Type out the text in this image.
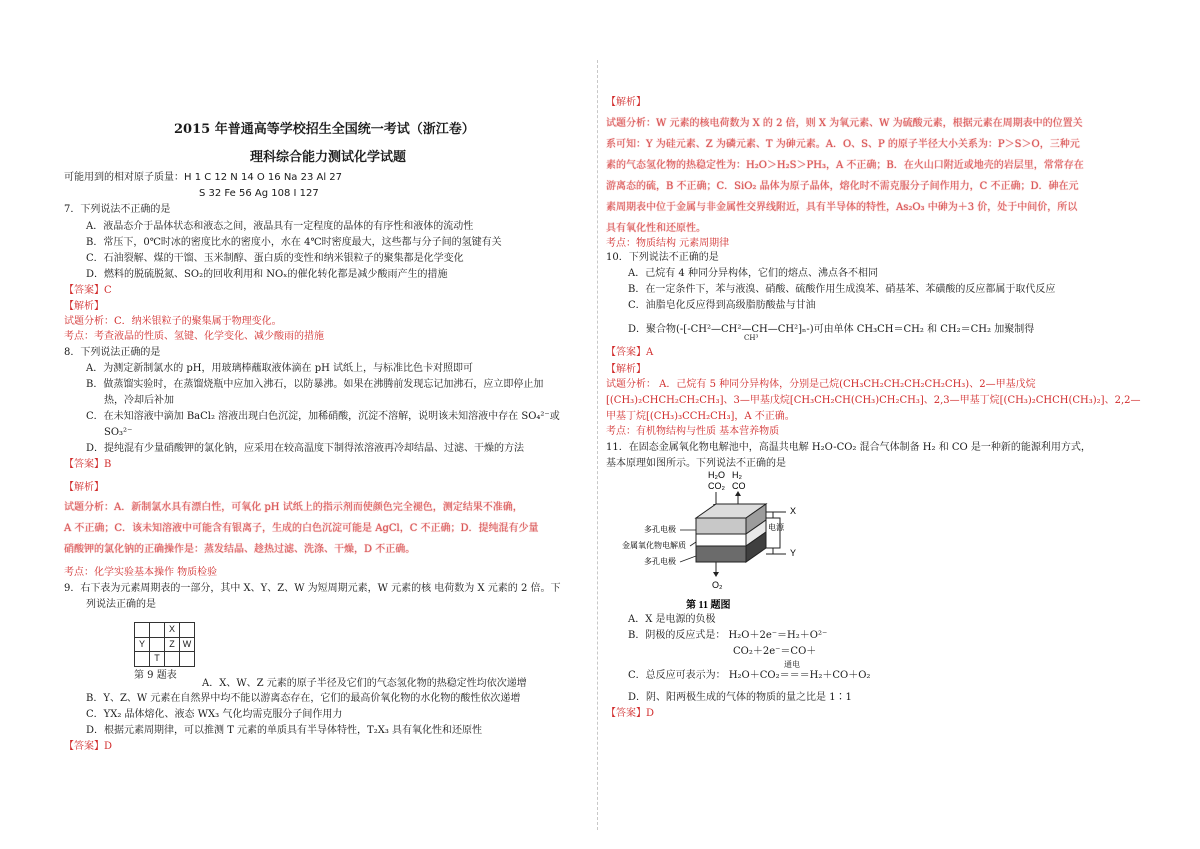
2015 年普通高等学校招生全国统一考试（浙江卷）
理科综合能力测试化学试题
可能用到的相对原子质量：H 1 C 12 N 14 O 16 Na 23 Al 27
S 32 Fe 56 Ag 108 I 127
7．下列说法不正确的是
A．液晶态介于晶体状态和液态之间，液晶具有一定程度的晶体的有序性和液体的流动性
B．常压下，0℃时冰的密度比水的密度小，水在 4℃时密度最大，这些都与分子间的氢键有关
C．石油裂解、煤的干馏、玉米制醇、蛋白质的变性和纳米银粒子的聚集都是化学变化
D．燃料的脱硫脱氮、SO₂的回收利用和 NOₓ的催化转化都是减少酸雨产生的措施
【答案】C
【解析】
试题分析：C．纳米银粒子的聚集属于物理变化。
考点：考查液晶的性质、氢键、化学变化、减少酸雨的措施
8．下列说法正确的是
A．为测定新制氯水的 pH，用玻璃棒蘸取液体滴在 pH 试纸上，与标准比色卡对照即可
B．做蒸馏实验时，在蒸馏烧瓶中应加入沸石，以防暴沸。如果在沸腾前发现忘记加沸石，应立即停止加
热，冷却后补加
C．在未知溶液中滴加 BaCl₂ 溶液出现白色沉淀，加稀硝酸，沉淀不溶解，说明该未知溶液中存在 SO₄²⁻或
SO₃²⁻
D．提纯混有少量硝酸钾的氯化钠，应采用在较高温度下制得浓溶液再冷却结晶、过滤、干燥的方法
【答案】B
【解析】
试题分析：A．新制氯水具有漂白性，可氧化 pH 试纸上的指示剂而使颜色完全褪色，测定结果不准确，
A 不正确；C．该未知溶液中可能含有银离子，生成的白色沉淀可能是 AgCl，C 不正确；D．提纯混有少量
硝酸钾的氯化钠的正确操作是：蒸发结晶、趁热过滤、洗涤、干燥，D 不正确。
考点：化学实验基本操作 物质检验
9．右下表为元素周期表的一部分，其中 X、Y、Z、W 为短周期元素，W 元素的核 电荷数为 X 元素的 2 倍。下
列说法正确的是
		X	
Y		Z	W
	T		
第 9 题表
A．X、W、Z 元素的原子半径及它们的气态氢化物的热稳定性均依次递增
B．Y、Z、W 元素在自然界中均不能以游离态存在，它们的最高价氧化物的水化物的酸性依次递增
C．YX₂ 晶体熔化、液态 WX₃ 气化均需克服分子间作用力
D．根据元素周期律，可以推测 T 元素的单质具有半导体特性，T₂X₃ 具有氧化性和还原性
【答案】D
【解析】
试题分析：W 元素的核电荷数为 X 的 2 倍，则 X 为氧元素、W 为硫酸元素，根据元素在周期表中的位置关
系可知：Y 为硅元素、Z 为磷元素、T 为砷元素。A．O、S、P 的原子半径大小关系为：P＞S＞O，三种元
素的气态氢化物的热稳定性为：H₂O＞H₂S＞PH₃，A 不正确；B．在火山口附近或地壳的岩层里，常常存在
游离态的硫，B 不正确；C．SiO₂ 晶体为原子晶体，熔化时不需克服分子间作用力，C 不正确；D．砷在元
素周期表中位于金属与非金属性交界线附近，具有半导体的特性，As₂O₃ 中砷为＋3 价，处于中间价，所以
具有氧化性和还原性。
考点：物质结构 元素周期律
10．下列说法不正确的是
A．己烷有 4 种同分异构体，它们的熔点、沸点各不相同
B．在一定条件下，苯与液溴、硝酸、硫酸作用生成溴苯、硝基苯、苯磺酸的反应都属于取代反应
C．油脂皂化反应得到高级脂肪酸盐与甘油
D．聚合物(-[-CH²—CH²—CH—CH²]ₙ-)可由单体 CH₃CH＝CH₂ 和 CH₂＝CH₂ 加聚制得
CH³
【答案】A
【解析】
试题分析： A．己烷有 5 种同分异构体，分别是己烷(CH₃CH₂CH₂CH₂CH₂CH₃)、2—甲基戊烷
[(CH₃)₂CHCH₂CH₂CH₃]、3—甲基戊烷[CH₃CH₂CH(CH₃)CH₂CH₃]、2,3—甲基丁烷[(CH₃)₂CHCH(CH₃)₂]、2,2—
甲基丁烷[(CH₃)₃CCH₂CH₃]，A 不正确。
考点：有机物结构与性质 基本营养物质
11．在固态金属氧化物电解池中，高温共电解 H₂O-CO₂ 混合气体制备 H₂ 和 CO 是一种新的能源利用方式，
基本原理如图所示。下列说法不正确的是
H₂O H₂
CO₂ CO
O₂
电源
X
Y
多孔电极
金属氧化物电解质
多孔电极
第 11 题图
A．X 是电源的负极
B．阴极的反应式是： H₂O＋2e⁻＝H₂＋O²⁻
CO₂＋2e⁻＝CO＋
通电
C．总反应可表示为： H₂O＋CO₂＝＝＝H₂＋CO＋O₂
D．阴、阳两极生成的气体的物质的量之比是 1∶1
【答案】D
